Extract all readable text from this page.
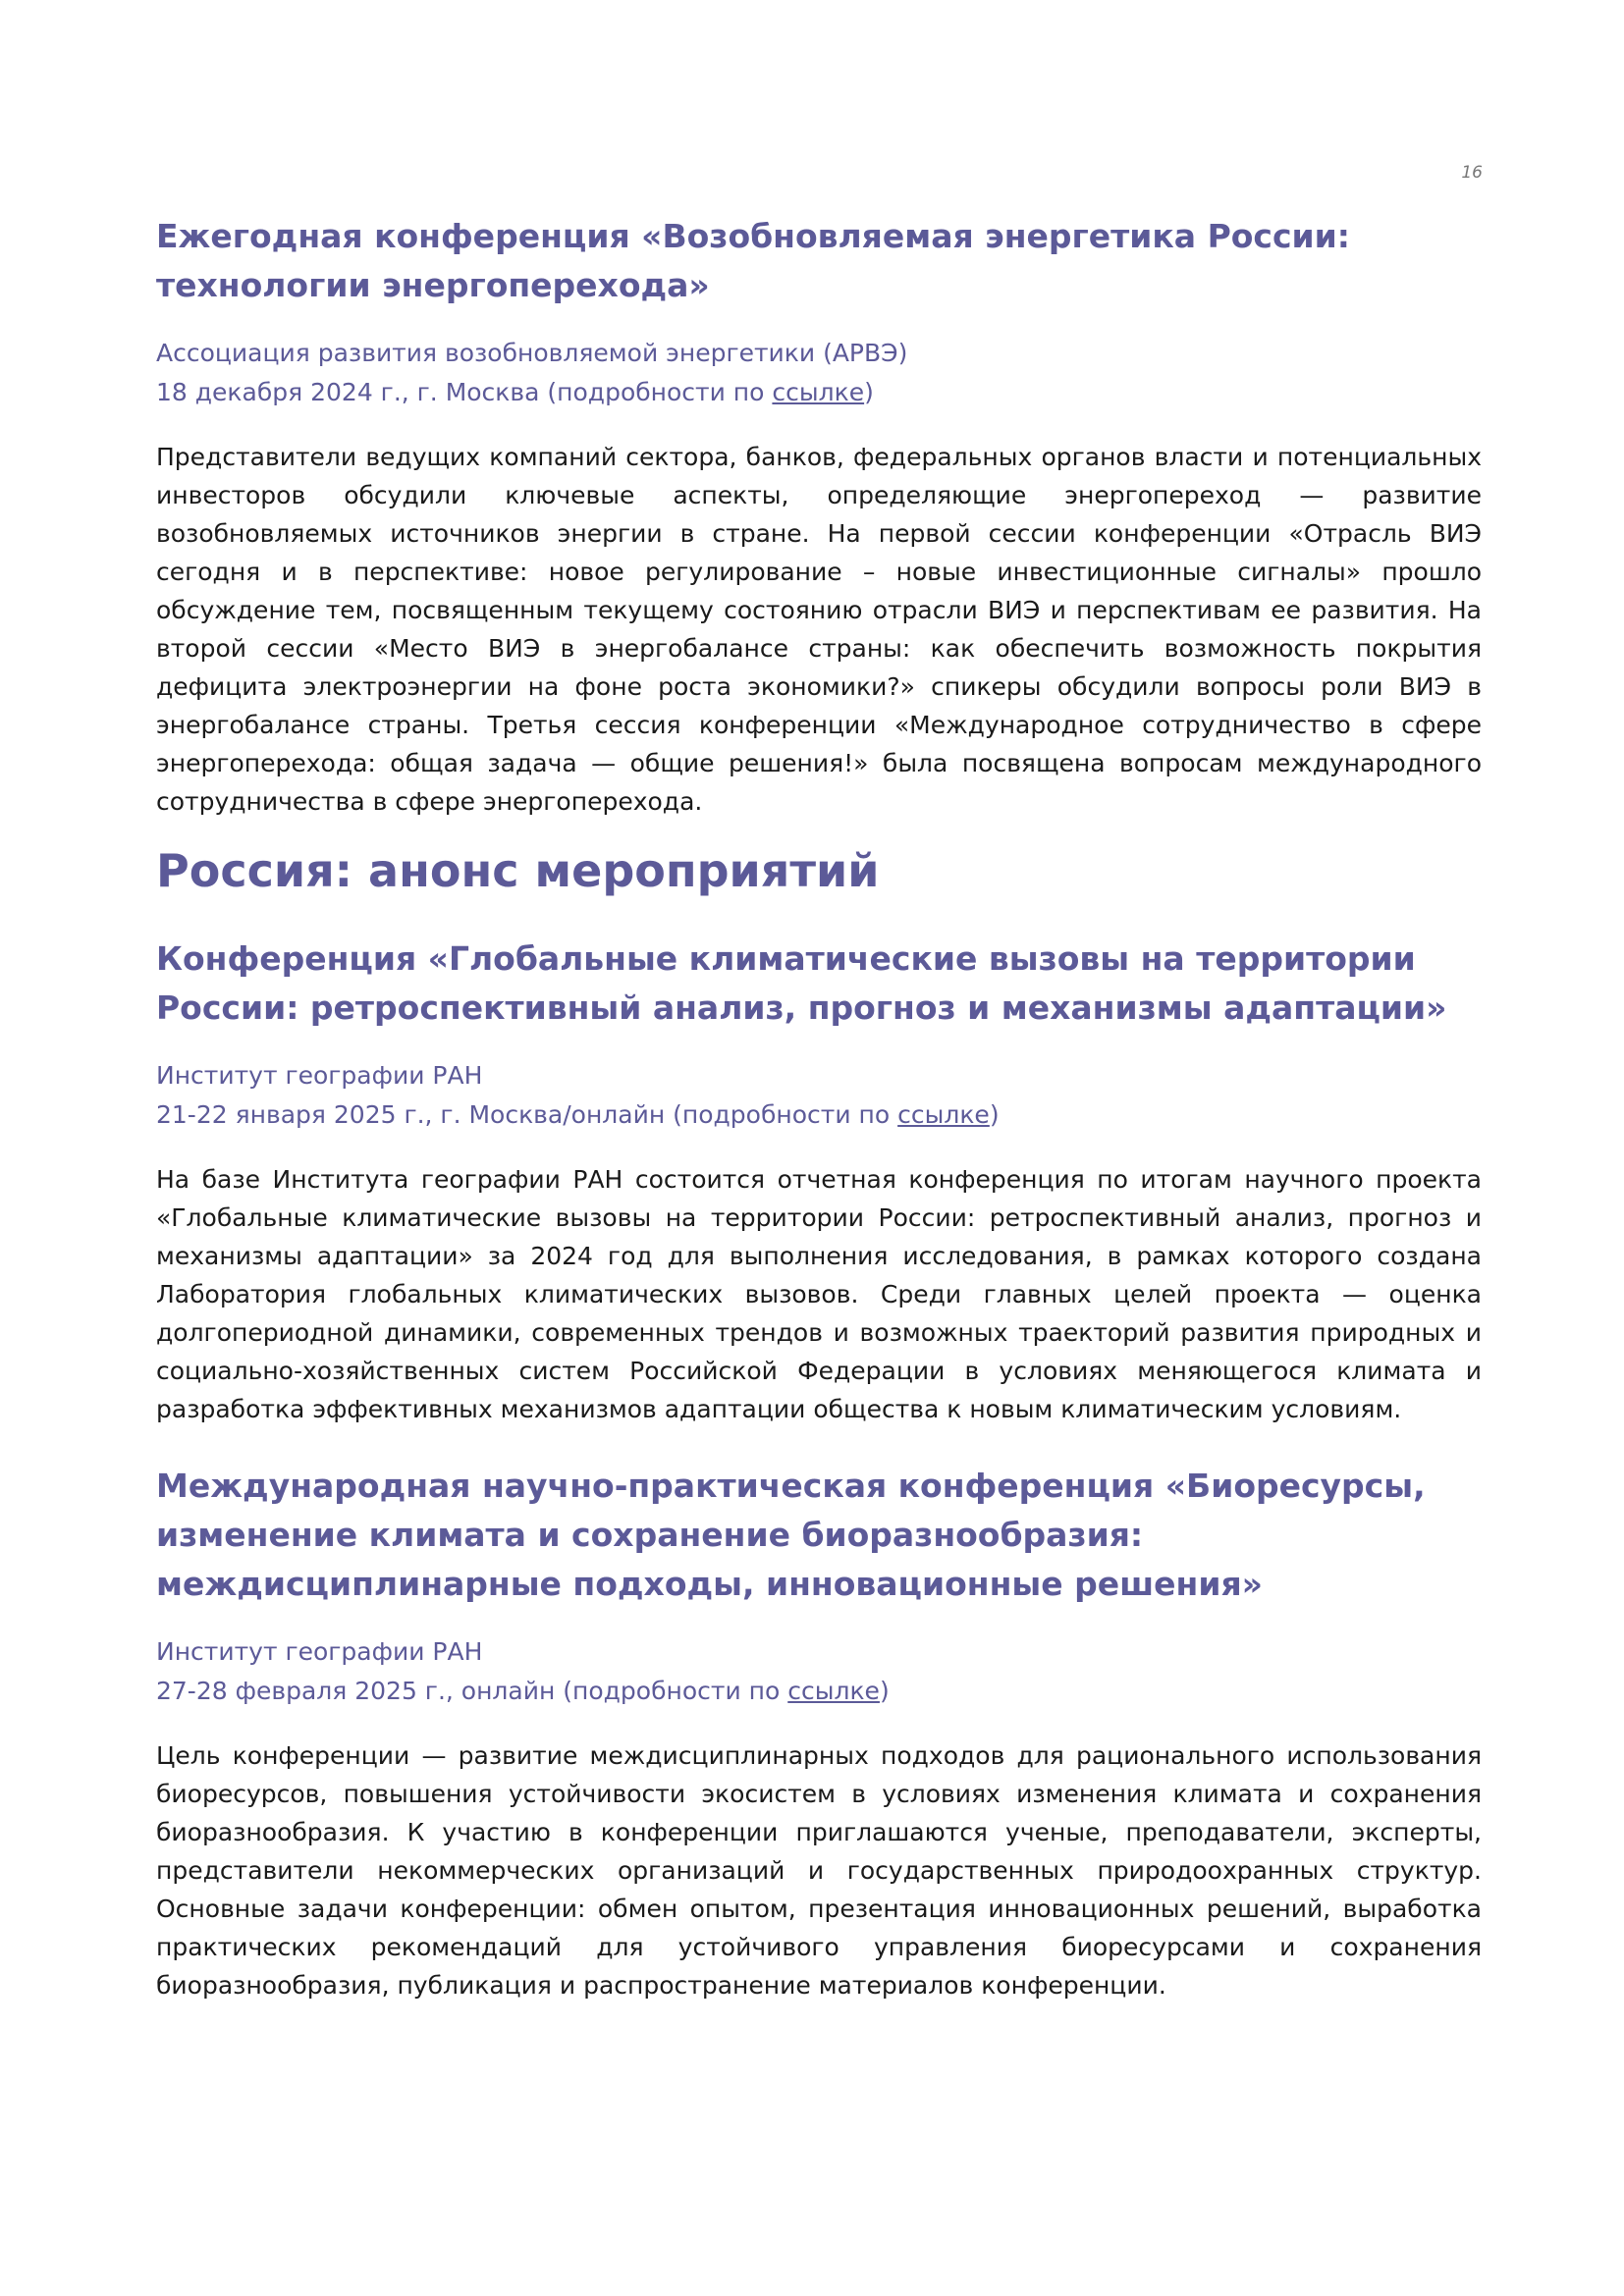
16
Ежегодная конференция «Возобновляемая энергетика России: технологии энергоперехода»
Ассоциация развития возобновляемой энергетики (АРВЭ)
18 декабря 2024 г., г. Москва (подробности по ссылке)

Представители ведущих компаний сектора, банков, федеральных органов власти и потенциальных инвесторов обсудили ключевые аспекты, определяющие энергопереход — развитие возобновляемых источников энергии в стране. На первой сессии конференции «Отрасль ВИЭ сегодня и в перспективе: новое регулирование – новые инвестиционные сигналы» прошло обсуждение тем, посвященным текущему состоянию отрасли ВИЭ и перспективам ее развития. На второй сессии «Место ВИЭ в энергобалансе страны: как обеспечить возможность покрытия дефицита электроэнергии на фоне роста экономики?» спикеры обсудили вопросы роли ВИЭ в энергобалансе страны. Третья сессия конференции «Международное сотрудничество в сфере энергоперехода: общая задача — общие решения!» была посвящена вопросам международного сотрудничества в сфере энергоперехода.

Россия: анонс мероприятий
Конференция «Глобальные климатические вызовы на территории России: ретроспективный анализ, прогноз и механизмы адаптации»
Институт географии РАН
21-22 января 2025 г., г. Москва/онлайн (подробности по ссылке)

На базе Института географии РАН состоится отчетная конференция по итогам научного проекта «Глобальные климатические вызовы на территории России: ретроспективный анализ, прогноз и механизмы адаптации» за 2024 год для выполнения исследования, в рамках которого создана Лаборатория глобальных климатических вызовов. Среди главных целей проекта — оценка долгопериодной динамики, современных трендов и возможных траекторий развития природных и социально-хозяйственных систем Российской Федерации в условиях меняющегося климата и разработка эффективных механизмов адаптации общества к новым климатическим условиям.

Международная научно-практическая конференция «Биоресурсы, изменение климата и сохранение биоразнообразия: междисциплинарные подходы, инновационные решения»
Институт географии РАН
27-28 февраля 2025 г., онлайн (подробности по ссылке)

Цель конференции — развитие междисциплинарных подходов для рационального использования биоресурсов, повышения устойчивости экосистем в условиях изменения климата и сохранения биоразнообразия. К участию в конференции приглашаются ученые, преподаватели, эксперты, представители некоммерческих организаций и государственных природоохранных структур. Основные задачи конференции: обмен опытом, презентация инновационных решений, выработка практических рекомендаций для устойчивого управления биоресурсами и сохранения биоразнообразия, публикация и распространение материалов конференции.
